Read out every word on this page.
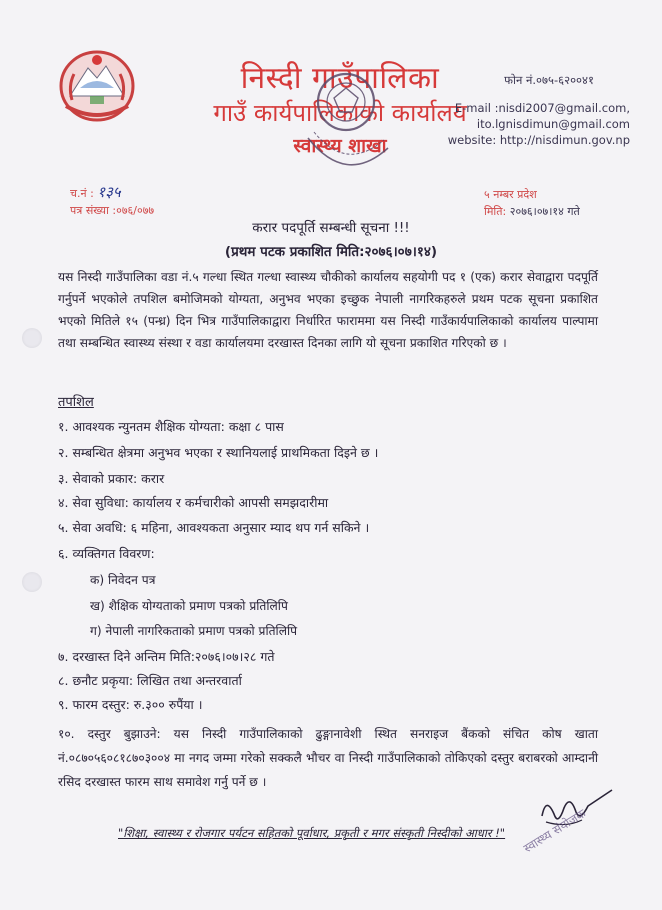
निस्दी गाउँपालिका
गाउँ कार्यपालिकाको कार्यालय
स्वास्थ्य शाखा
फोन नं.०७५-६२००४१
E-mail :nisdi2007@gmail.com,
ito.lgnisdimun@gmail.com
website: http://nisdimun.gov.np
च.नं : १३५
पत्र संख्या :०७६/०७७
५ नम्बर प्रदेश
मिति: २०७६।०७।१४ गते
करार पदपूर्ति सम्बन्धी सूचना !!!
(प्रथम पटक प्रकाशित मिति:२०७६।०७।१४)
यस निस्दी गाउँपालिका वडा नं.५ गल्धा स्थित गल्धा स्वास्थ्य चौकीको कार्यालय सहयोगी पद १ (एक) करार सेवाद्वारा पदपूर्ति गर्नुपर्ने भएकोले तपशिल बमोजिमको योग्यता, अनुभव भएका इच्छुक नेपाली नागरिकहरुले प्रथम पटक सूचना प्रकाशित भएको मितिले १५ (पन्ध्र) दिन भित्र गाउँपालिकाद्वारा निर्धारित फाराममा यस निस्दी गाउँकार्यपालिकाको कार्यालय पाल्पामा तथा सम्बन्धित स्वास्थ्य संस्था र वडा कार्यालयमा दरखास्त दिनका लागि यो सूचना प्रकाशित गरिएको छ ।
तपशिल
१. आवश्यक न्युनतम शैक्षिक योग्यता: कक्षा ८ पास
२. सम्बन्धित क्षेत्रमा अनुभव भएका र स्थानियलाई प्राथमिकता दिइने छ ।
३. सेवाको प्रकार: करार
४. सेवा सुविधा: कार्यालय र कर्मचारीको आपसी समझदारीमा
५. सेवा अवधि: ६ महिना, आवश्यकता अनुसार म्याद थप गर्न सकिने ।
६. व्यक्तिगत विवरण:
क) निवेदन पत्र
ख) शैक्षिक योग्यताको प्रमाण पत्रको प्रतिलिपि
ग) नेपाली नागरिकताको प्रमाण पत्रको प्रतिलिपि
७. दरखास्त दिने अन्तिम मिति:२०७६।०७।२८ गते
८. छनौट प्रकृया: लिखित तथा अन्तरवार्ता
९. फारम दस्तुर: रु.३०० रुपैंया ।
१०. दस्तुर बुझाउने: यस निस्दी गाउँपालिकाको ढुङ्गानावेशी स्थित सनराइज बैंकको संचित कोष खाता नं.०८७०५६०८१८७०३००४ मा नगद जम्मा गरेको सक्कलै भौचर वा निस्दी गाउँपालिकाको तोकिएको दस्तुर बराबरको आम्दानी रसिद दरखास्त फारम साथ समावेश गर्नु पर्ने छ ।
स्वास्थ्य संयोजक
"शिक्षा, स्वास्थ्य र रोजगार पर्यटन सहितको पूर्वाधार, प्रकृती र मगर संस्कृती निस्दीको आधार !"
